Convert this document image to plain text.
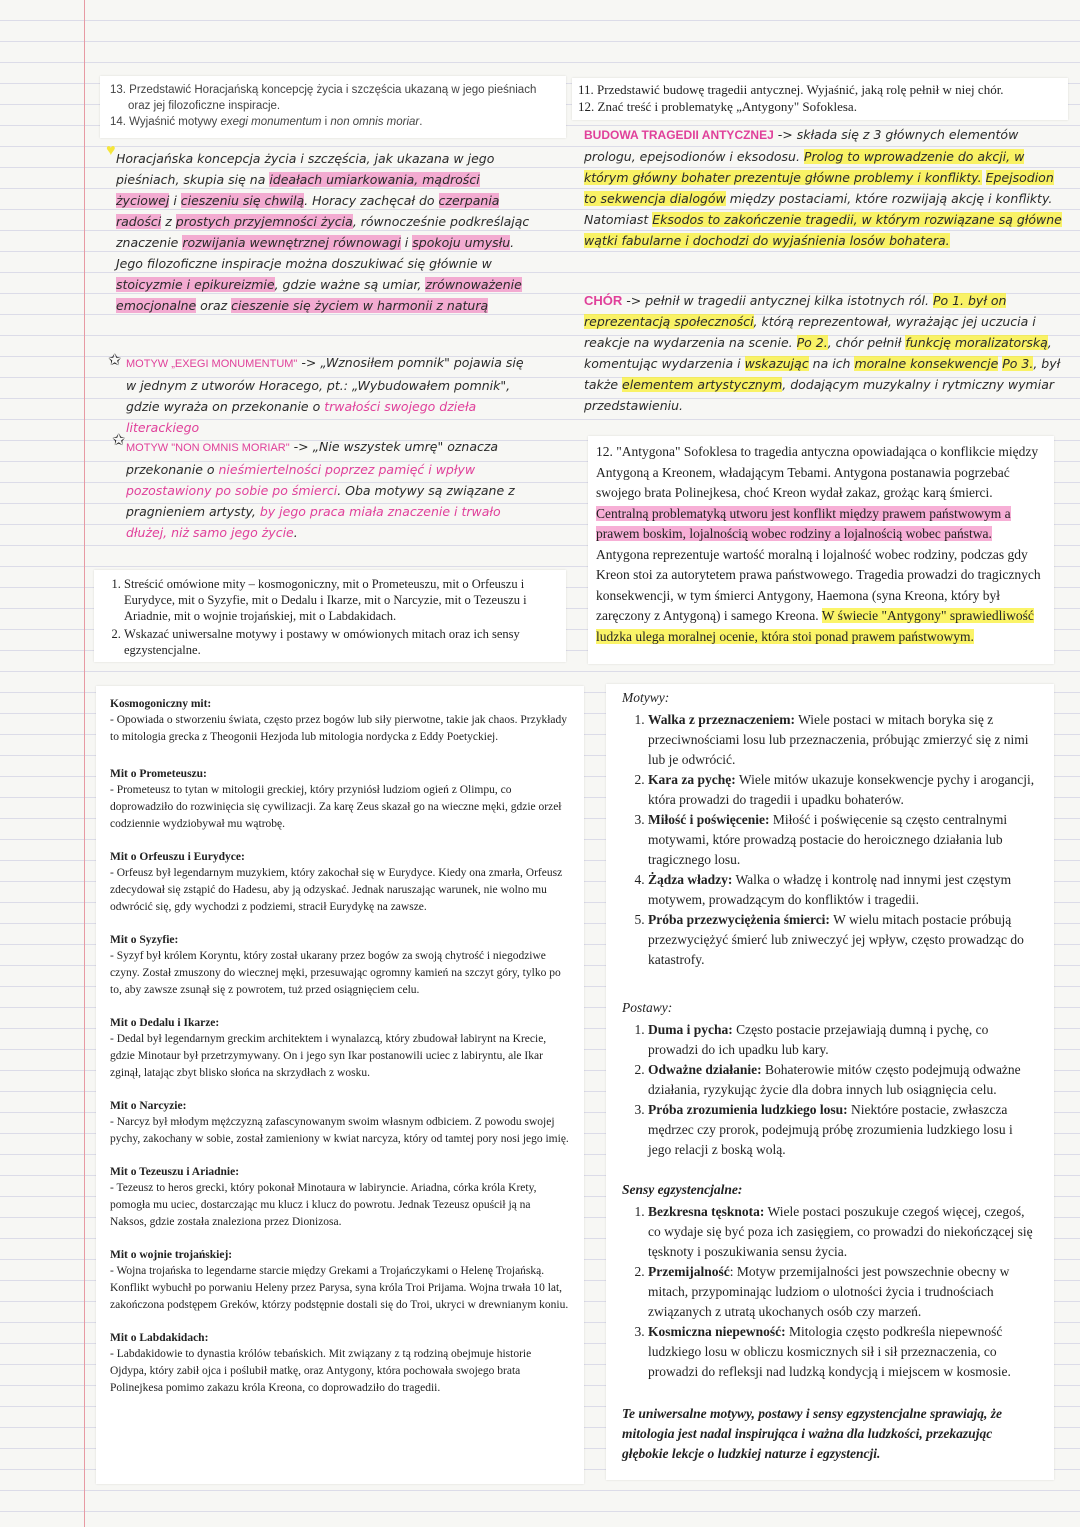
13. Przedstawić Horacjańską koncepcję życia i szczęścia ukazaną w jego pieśniach oraz jej filozoficzne inspiracje.
14. Wyjaśnić motywy exegi monumentum i non omnis moriar.
♥ Horacjańska koncepcja życia i szczęścia, jak ukazana w jego pieśniach, skupia się na ideałach umiarkowania, mądrości życiowej i cieszeniu się chwilą. Horacy zachęcał do czerpania radości z prostych przyjemności życia, równocześnie podkreślając znaczenie rozwijania wewnętrznej równowagi i spokoju umysłu. Jego filozoficzne inspiracje można doszukiwać się głównie w stoicyzmie i epikureizmie, gdzie ważne są umiar, zrównoważenie emocjonalne oraz cieszenie się życiem w harmonii z naturą
✩ MOTYW „EXEGI MONUMENTUM" -> „Wznosiłem pomnik" pojawia się w jednym z utworów Horacego, pt.: „Wybudowałem pomnik", gdzie wyraża on przekonanie o trwałości swojego dzieła literackiego
✩ MOTYW "NON OMNIS MORIAR" -> „Nie wszystek umrę" oznacza przekonanie o nieśmiertelności poprzez pamięć i wpływ pozostawiony po sobie po śmierci. Oba motywy są związane z pragnieniem artysty, by jego praca miała znaczenie i trwało dłużej, niż samo jego życie.
11. Przedstawić budowę tragedii antycznej. Wyjaśnić, jaką rolę pełnił w niej chór.
12. Znać treść i problematykę „Antygony" Sofoklesa.
BUDOWA TRAGEDII ANTYCZNEJ -> składa się z 3 głównych elementów prologu, epejsodionów i eksodosu. Prolog to wprowadzenie do akcji, w którym główny bohater prezentuje główne problemy i konflikty. Epejsodion to sekwencja dialogów między postaciami, które rozwijają akcję i konflikty. Natomiast Eksodos to zakończenie tragedii, w którym rozwiązane są główne wątki fabularne i dochodzi do wyjaśnienia losów bohatera.
CHÓR -> pełnił w tragedii antycznej kilka istotnych ról. Po 1. był on reprezentacją społeczności, którą reprezentował, wyrażając jej uczucia i reakcje na wydarzenia na scenie. Po 2., chór pełnił funkcję moralizatorską, komentując wydarzenia i wskazując na ich moralne konsekwencje Po 3., był także elementem artystycznym, dodającym muzykalny i rytmiczny wymiar przedstawieniu.
12. "Antygona" Sofoklesa to tragedia antyczna opowiadająca o konflikcie między Antygoną a Kreonem, władającym Tebami. Antygona postanawia pogrzebać swojego brata Polinejkesa, choć Kreon wydał zakaz, grożąc karą śmierci. Centralną problematyką utworu jest konflikt między prawem państwowym a prawem boskim, lojalnością wobec rodziny a lojalnością wobec państwa. Antygona reprezentuje wartość moralną i lojalność wobec rodziny, podczas gdy Kreon stoi za autorytetem prawa państwowego. Tragedia prowadzi do tragicznych konsekwencji, w tym śmierci Antygony, Haemona (syna Kreona, który był zaręczony z Antygoną) i samego Kreona. W świecie "Antygony" sprawiedliwość ludzka ulega moralnej ocenie, która stoi ponad prawem państwowym.
1. Streścić omówione mity – kosmogoniczny, mit o Prometeuszu, mit o Orfeuszu i Eurydyce, mit o Syzyfie, mit o Dedalu i Ikarze, mit o Narcyzie, mit o Tezeuszu i Ariadnie, mit o wojnie trojańskiej, mit o Labdakidach.
2. Wskazać uniwersalne motywy i postawy w omówionych mitach oraz ich sensy egzystencjalne.
Kosmogoniczny mit:

- Opowiada o stworzeniu świata, często przez bogów lub siły pierwotne, takie jak chaos. Przykłady to mitologia grecka z Theogonii Hezjoda lub mitologia nordycka z Eddy Poetyckiej.

Mit o Prometeuszu:

- Prometeusz to tytan w mitologii greckiej, który przyniósł ludziom ogień z Olimpu, co doprowadziło do rozwinięcia się cywilizacji. Za karę Zeus skazał go na wieczne męki, gdzie orzeł codziennie wydziobywał mu wątrobę.

Mit o Orfeuszu i Eurydyce:

- Orfeusz był legendarnym muzykiem, który zakochał się w Eurydyce. Kiedy ona zmarła, Orfeusz zdecydował się zstąpić do Hadesu, aby ją odzyskać. Jednak naruszając warunek, nie wolno mu odwrócić się, gdy wychodzi z podziemi, stracił Eurydykę na zawsze.

Mit o Syzyfie:

- Syzyf był królem Koryntu, który został ukarany przez bogów za swoją chytrość i niegodziwe czyny. Został zmuszony do wiecznej męki, przesuwając ogromny kamień na szczyt góry, tylko po to, aby zawsze zsunął się z powrotem, tuż przed osiągnięciem celu.

Mit o Dedalu i Ikarze:

- Dedal był legendarnym greckim architektem i wynalazcą, który zbudował labirynt na Krecie, gdzie Minotaur był przetrzymywany. On i jego syn Ikar postanowili uciec z labiryntu, ale Ikar zginął, latając zbyt blisko słońca na skrzydłach z wosku.

Mit o Narcyzie:

- Narcyz był młodym mężczyzną zafascynowanym swoim własnym odbiciem. Z powodu swojej pychy, zakochany w sobie, został zamieniony w kwiat narcyza, który od tamtej pory nosi jego imię.

Mit o Tezeuszu i Ariadnie:

- Tezeusz to heros grecki, który pokonał Minotaura w labiryncie. Ariadna, córka króla Krety, pomogła mu uciec, dostarczając mu klucz i klucz do powrotu. Jednak Tezeusz opuścił ją na Naksos, gdzie została znaleziona przez Dionizosa.

Mit o wojnie trojańskiej:

- Wojna trojańska to legendarne starcie między Grekami a Trojańczykami o Helenę Trojańską. Konflikt wybuchł po porwaniu Heleny przez Parysa, syna króla Troi Prijama. Wojna trwała 10 lat, zakończona podstępem Greków, którzy podstępnie dostali się do Troi, ukryci w drewnianym koniu.

Mit o Labdakidach:

- Labdakidowie to dynastia królów tebańskich. Mit związany z tą rodziną obejmuje historie Ojdypa, który zabił ojca i poślubił matkę, oraz Antygony, która pochowała swojego brata Polinejkesa pomimo zakazu króla Kreona, co doprowadziło do tragedii.

Motywy:
1. Walka z przeznaczeniem: Wiele postaci w mitach boryka się z przeciwnościami losu lub przeznaczenia, próbując zmierzyć się z nimi lub je odwrócić.
2. Kara za pychę: Wiele mitów ukazuje konsekwencje pychy i arogancji, która prowadzi do tragedii i upadku bohaterów.
3. Miłość i poświęcenie: Miłość i poświęcenie są często centralnymi motywami, które prowadzą postacie do heroicznego działania lub tragicznego losu.
4. Żądza władzy: Walka o władzę i kontrolę nad innymi jest częstym motywem, prowadzącym do konfliktów i tragedii.
5. Próba przezwyciężenia śmierci: W wielu mitach postacie próbują przezwyciężyć śmierć lub zniweczyć jej wpływ, często prowadząc do katastrofy.
Postawy:
1. Duma i pycha: Często postacie przejawiają dumną i pychę, co prowadzi do ich upadku lub kary.
2. Odważne działanie: Bohaterowie mitów często podejmują odważne działania, ryzykując życie dla dobra innych lub osiągnięcia celu.
3. Próba zrozumienia ludzkiego losu: Niektóre postacie, zwłaszcza mędrzec czy prorok, podejmują próbę zrozumienia ludzkiego losu i jego relacji z boską wolą.
Sensy egzystencjalne:
1. Bezkresna tęsknota: Wiele postaci poszukuje czegoś więcej, czegoś, co wydaje się być poza ich zasięgiem, co prowadzi do niekończącej się tęsknoty i poszukiwania sensu życia.
2. Przemijalność: Motyw przemijalności jest powszechnie obecny w mitach, przypominając ludziom o ulotności życia i trudnościach związanych z utratą ukochanych osób czy marzeń.
3. Kosmiczna niepewność: Mitologia często podkreśla niepewność ludzkiego losu w obliczu kosmicznych sił i sił przeznaczenia, co prowadzi do refleksji nad ludzką kondycją i miejscem w kosmosie.
Te uniwersalne motywy, postawy i sensy egzystencjalne sprawiają, że mitologia jest nadal inspirująca i ważna dla ludzkości, przekazując głębokie lekcje o ludzkiej naturze i egzystencji.
